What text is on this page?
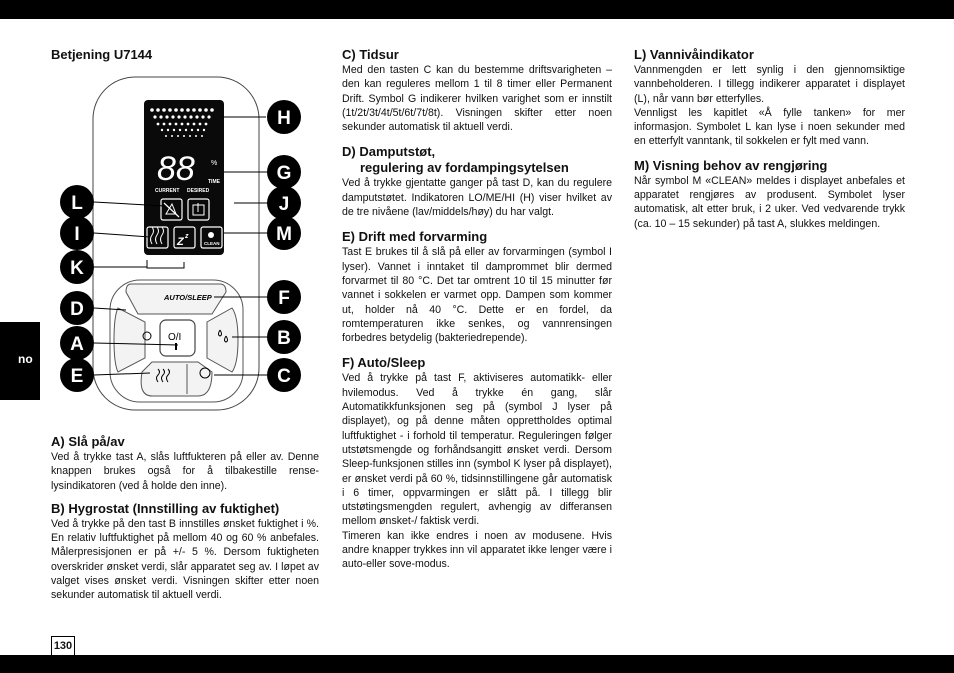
no
130
Betjening U7144
88 %
TIME
CURRENT DESIRED
Z z
CLEAN
AUTO/SLEEP
O/I
H
G
J
L
I	M
K
D
F
A	B
E	C
A) Slå på/av

Ved å trykke tast A, slås luftfukteren på eller av. Denne knappen brukes også for å tilbakestille rense-lysindikatoren (ved å holde den inne).

B) Hygrostat (Innstilling av fuktighet)

Ved å trykke på den tast B innstilles ønsket fuktighet i %. En relativ luftfuktighet på mellom 40 og 60 % anbefales. Målerpresisjonen er på +/- 5 %. Dersom fuktigheten overskrider ønsket verdi, slår apparatet seg av. I løpet av valget vises ønsket verdi. Visningen skifter etter noen sekunder automatisk til aktuell verdi.

C) Tidsur

Med den tasten C kan du bestemme driftsvarigheten – den kan reguleres mellom 1 til 8 timer eller Permanent Drift. Symbol G indikerer hvilken varighet som er innstilt (1t/2t/3t/4t/5t/6t/7t/8t). Visningen skifter etter noen sekunder automatisk til aktuell verdi.

D) Damputstøt,
regulering av fordampingsytelsen

Ved å trykke gjentatte ganger på tast D, kan du regulere damputstøtet. Indikatoren LO/ME/HI (H) viser hvilket av de tre nivåene (lav/middels/høy) du har valgt.

E) Drift med forvarming

Tast E brukes til å slå på eller av forvarmingen (symbol I lyser). Vannet i inntaket til damprommet blir dermed forvarmet til 80 °C. Det tar omtrent 10 til 15 minutter før vannet i sokkelen er varmet opp. Dampen som kommer ut, holder nå 40 °C. Dette er en fordel, da romtemperaturen ikke senkes, og vannrensingen forbedres betydelig (bakteriedrepende).

F) Auto/Sleep

Ved å trykke på tast F, aktiviseres automatikk- eller hvilemodus. Ved å trykke én gang, slår Automatikkfunksjonen seg på (symbol J lyser på displayet), og på denne måten opprettholdes optimal luftfuktighet - i forhold til temperatur. Reguleringen følger utstøtsmengde og forhåndsangitt ønsket verdi. Dersom Sleep-funksjonen stilles inn (symbol K lyser på displayet), er ønsket verdi på 60 %, tidsinnstillingene går automatisk i 6 timer, oppvarmingen er slått på. I tillegg blir utstøtingsmengden regulert, avhengig av differansen mellom ønsket-/ faktisk verdi.

Timeren kan ikke endres i noen av modusene. Hvis andre knapper trykkes inn vil apparatet ikke lenger være i auto-eller sove-modus.

L) Vannivåindikator

Vannmengden er lett synlig i den gjennomsiktige vannbeholderen. I tillegg indikerer apparatet i displayet (L), når vann bør etterfylles.

Vennligst les kapitlet «Å fylle tanken» for mer informasjon. Symbolet L kan lyse i noen sekunder med en etterfylt vanntank, til sokkelen er fylt med vann.

M) Visning behov av rengjøring

Når symbol M «CLEAN» meldes i displayet anbefales et apparatet rengjøres av produsent. Symbolet lyser automatisk, alt etter bruk, i 2 uker. Ved vedvarende trykk (ca. 10 – 15 sekunder) på tast A, slukkes meldingen.
